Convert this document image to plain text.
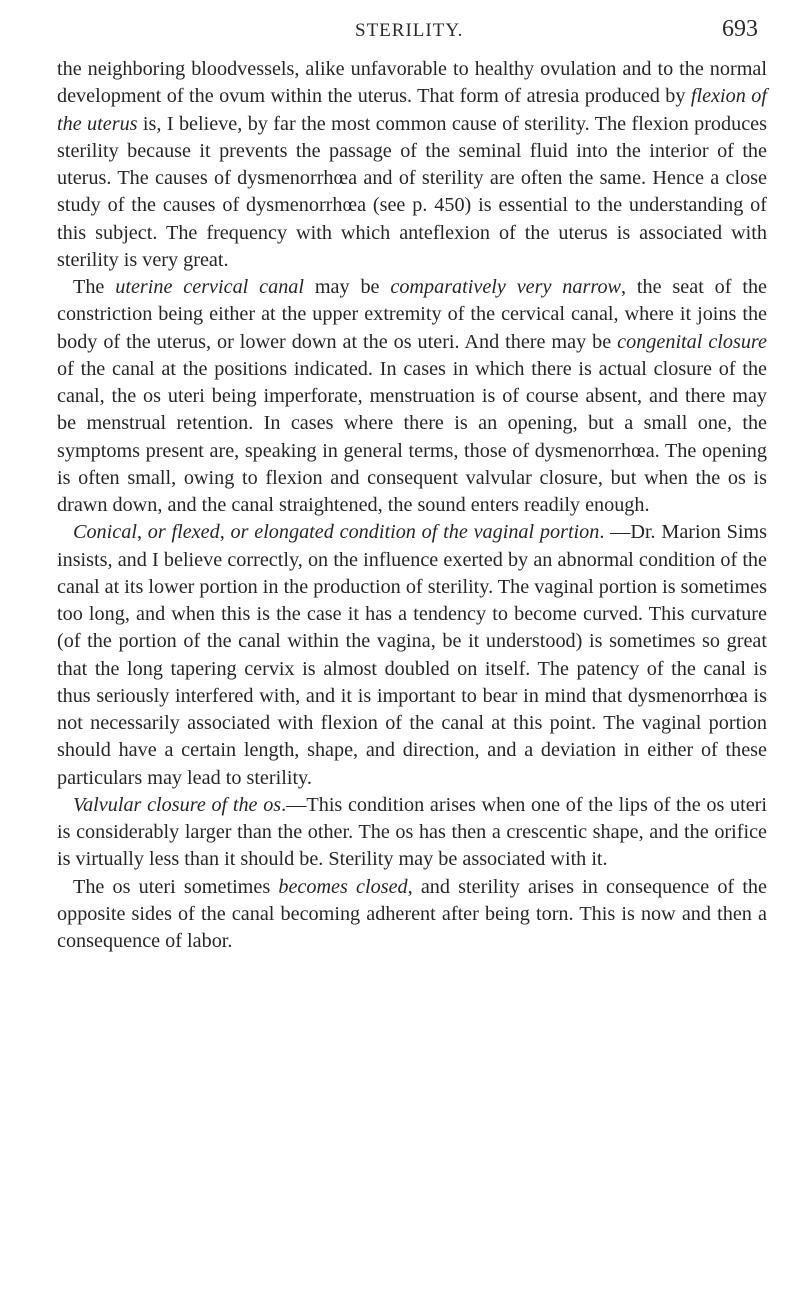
STERILITY.	693

the neighboring bloodvessels, alike unfavorable to healthy ovulation and to the normal development of the ovum within the uterus. That form of atresia produced by flexion of the uterus is, I believe, by far the most common cause of sterility. The flexion produces sterility because it prevents the passage of the seminal fluid into the interior of the uterus. The causes of dysmenorrhœa and of sterility are often the same. Hence a close study of the causes of dysmenorrhœa (see p. 450) is essential to the understanding of this subject. The frequency with which anteflexion of the uterus is associated with sterility is very great.

The uterine cervical canal may be comparatively very narrow, the seat of the constriction being either at the upper extremity of the cervical canal, where it joins the body of the uterus, or lower down at the os uteri. And there may be congenital closure of the canal at the positions indicated. In cases in which there is actual closure of the canal, the os uteri being imperforate, menstruation is of course absent, and there may be menstrual retention. In cases where there is an opening, but a small one, the symptoms present are, speaking in general terms, those of dysmenorrhœa. The opening is often small, owing to flexion and consequent valvular closure, but when the os is drawn down, and the canal straightened, the sound enters readily enough.

Conical, or flexed, or elongated condition of the vaginal portion. —Dr. Marion Sims insists, and I believe correctly, on the influence exerted by an abnormal condition of the canal at its lower portion in the production of sterility. The vaginal portion is sometimes too long, and when this is the case it has a tendency to become curved. This curvature (of the portion of the canal within the vagina, be it understood) is sometimes so great that the long tapering cervix is almost doubled on itself. The patency of the canal is thus seriously interfered with, and it is important to bear in mind that dysmenorrhœa is not necessarily associated with flexion of the canal at this point. The vaginal portion should have a certain length, shape, and direction, and a deviation in either of these particulars may lead to sterility.

Valvular closure of the os.—This condition arises when one of the lips of the os uteri is considerably larger than the other. The os has then a crescentic shape, and the orifice is virtually less than it should be. Sterility may be associated with it.

The os uteri sometimes becomes closed, and sterility arises in consequence of the opposite sides of the canal becoming adherent after being torn. This is now and then a consequence of labor.
